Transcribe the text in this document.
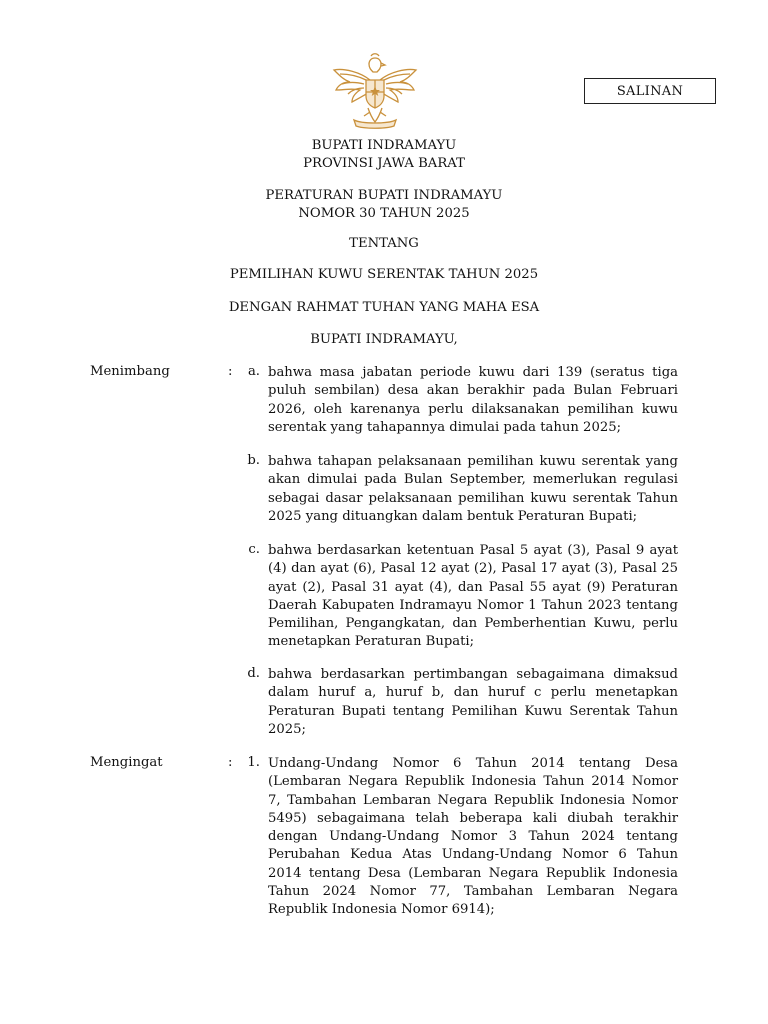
SALINAN
BUPATI INDRAMAYU
PROVINSI JAWA BARAT
PERATURAN BUPATI INDRAMAYU
NOMOR 30 TAHUN 2025
TENTANG
PEMILIHAN KUWU SERENTAK TAHUN 2025
DENGAN RAHMAT TUHAN YANG MAHA ESA
BUPATI INDRAMAYU,
Menimbang	:	a. bahwa masa jabatan periode kuwu dari 139 (seratus tiga puluh sembilan) desa akan berakhir pada Bulan Februari 2026, oleh karenanya perlu dilaksanakan pemilihan kuwu serentak yang tahapannya dimulai pada tahun 2025;
b. bahwa tahapan pelaksanaan pemilihan kuwu serentak yang akan dimulai pada Bulan September, memerlukan regulasi sebagai dasar pelaksanaan pemilihan kuwu serentak Tahun 2025 yang dituangkan dalam bentuk Peraturan Bupati;
c. bahwa berdasarkan ketentuan Pasal 5 ayat (3), Pasal 9 ayat (4) dan ayat (6), Pasal 12 ayat (2), Pasal 17 ayat (3), Pasal 25 ayat (2), Pasal 31 ayat (4), dan Pasal 55 ayat (9) Peraturan Daerah Kabupaten Indramayu Nomor 1 Tahun 2023 tentang Pemilihan, Pengangkatan, dan Pemberhentian Kuwu, perlu menetapkan Peraturan Bupati;
d. bahwa berdasarkan pertimbangan sebagaimana dimaksud dalam huruf a, huruf b, dan huruf c perlu menetapkan Peraturan Bupati tentang Pemilihan Kuwu Serentak Tahun 2025;
Mengingat	:	1. Undang-Undang Nomor 6 Tahun 2014 tentang Desa (Lembaran Negara Republik Indonesia Tahun 2014 Nomor 7, Tambahan Lembaran Negara Republik Indonesia Nomor 5495) sebagaimana telah beberapa kali diubah terakhir dengan Undang-Undang Nomor 3 Tahun 2024 tentang Perubahan Kedua Atas Undang-Undang Nomor 6 Tahun 2014 tentang Desa (Lembaran Negara Republik Indonesia Tahun 2024 Nomor 77, Tambahan Lembaran Negara Republik Indonesia Nomor 6914);
